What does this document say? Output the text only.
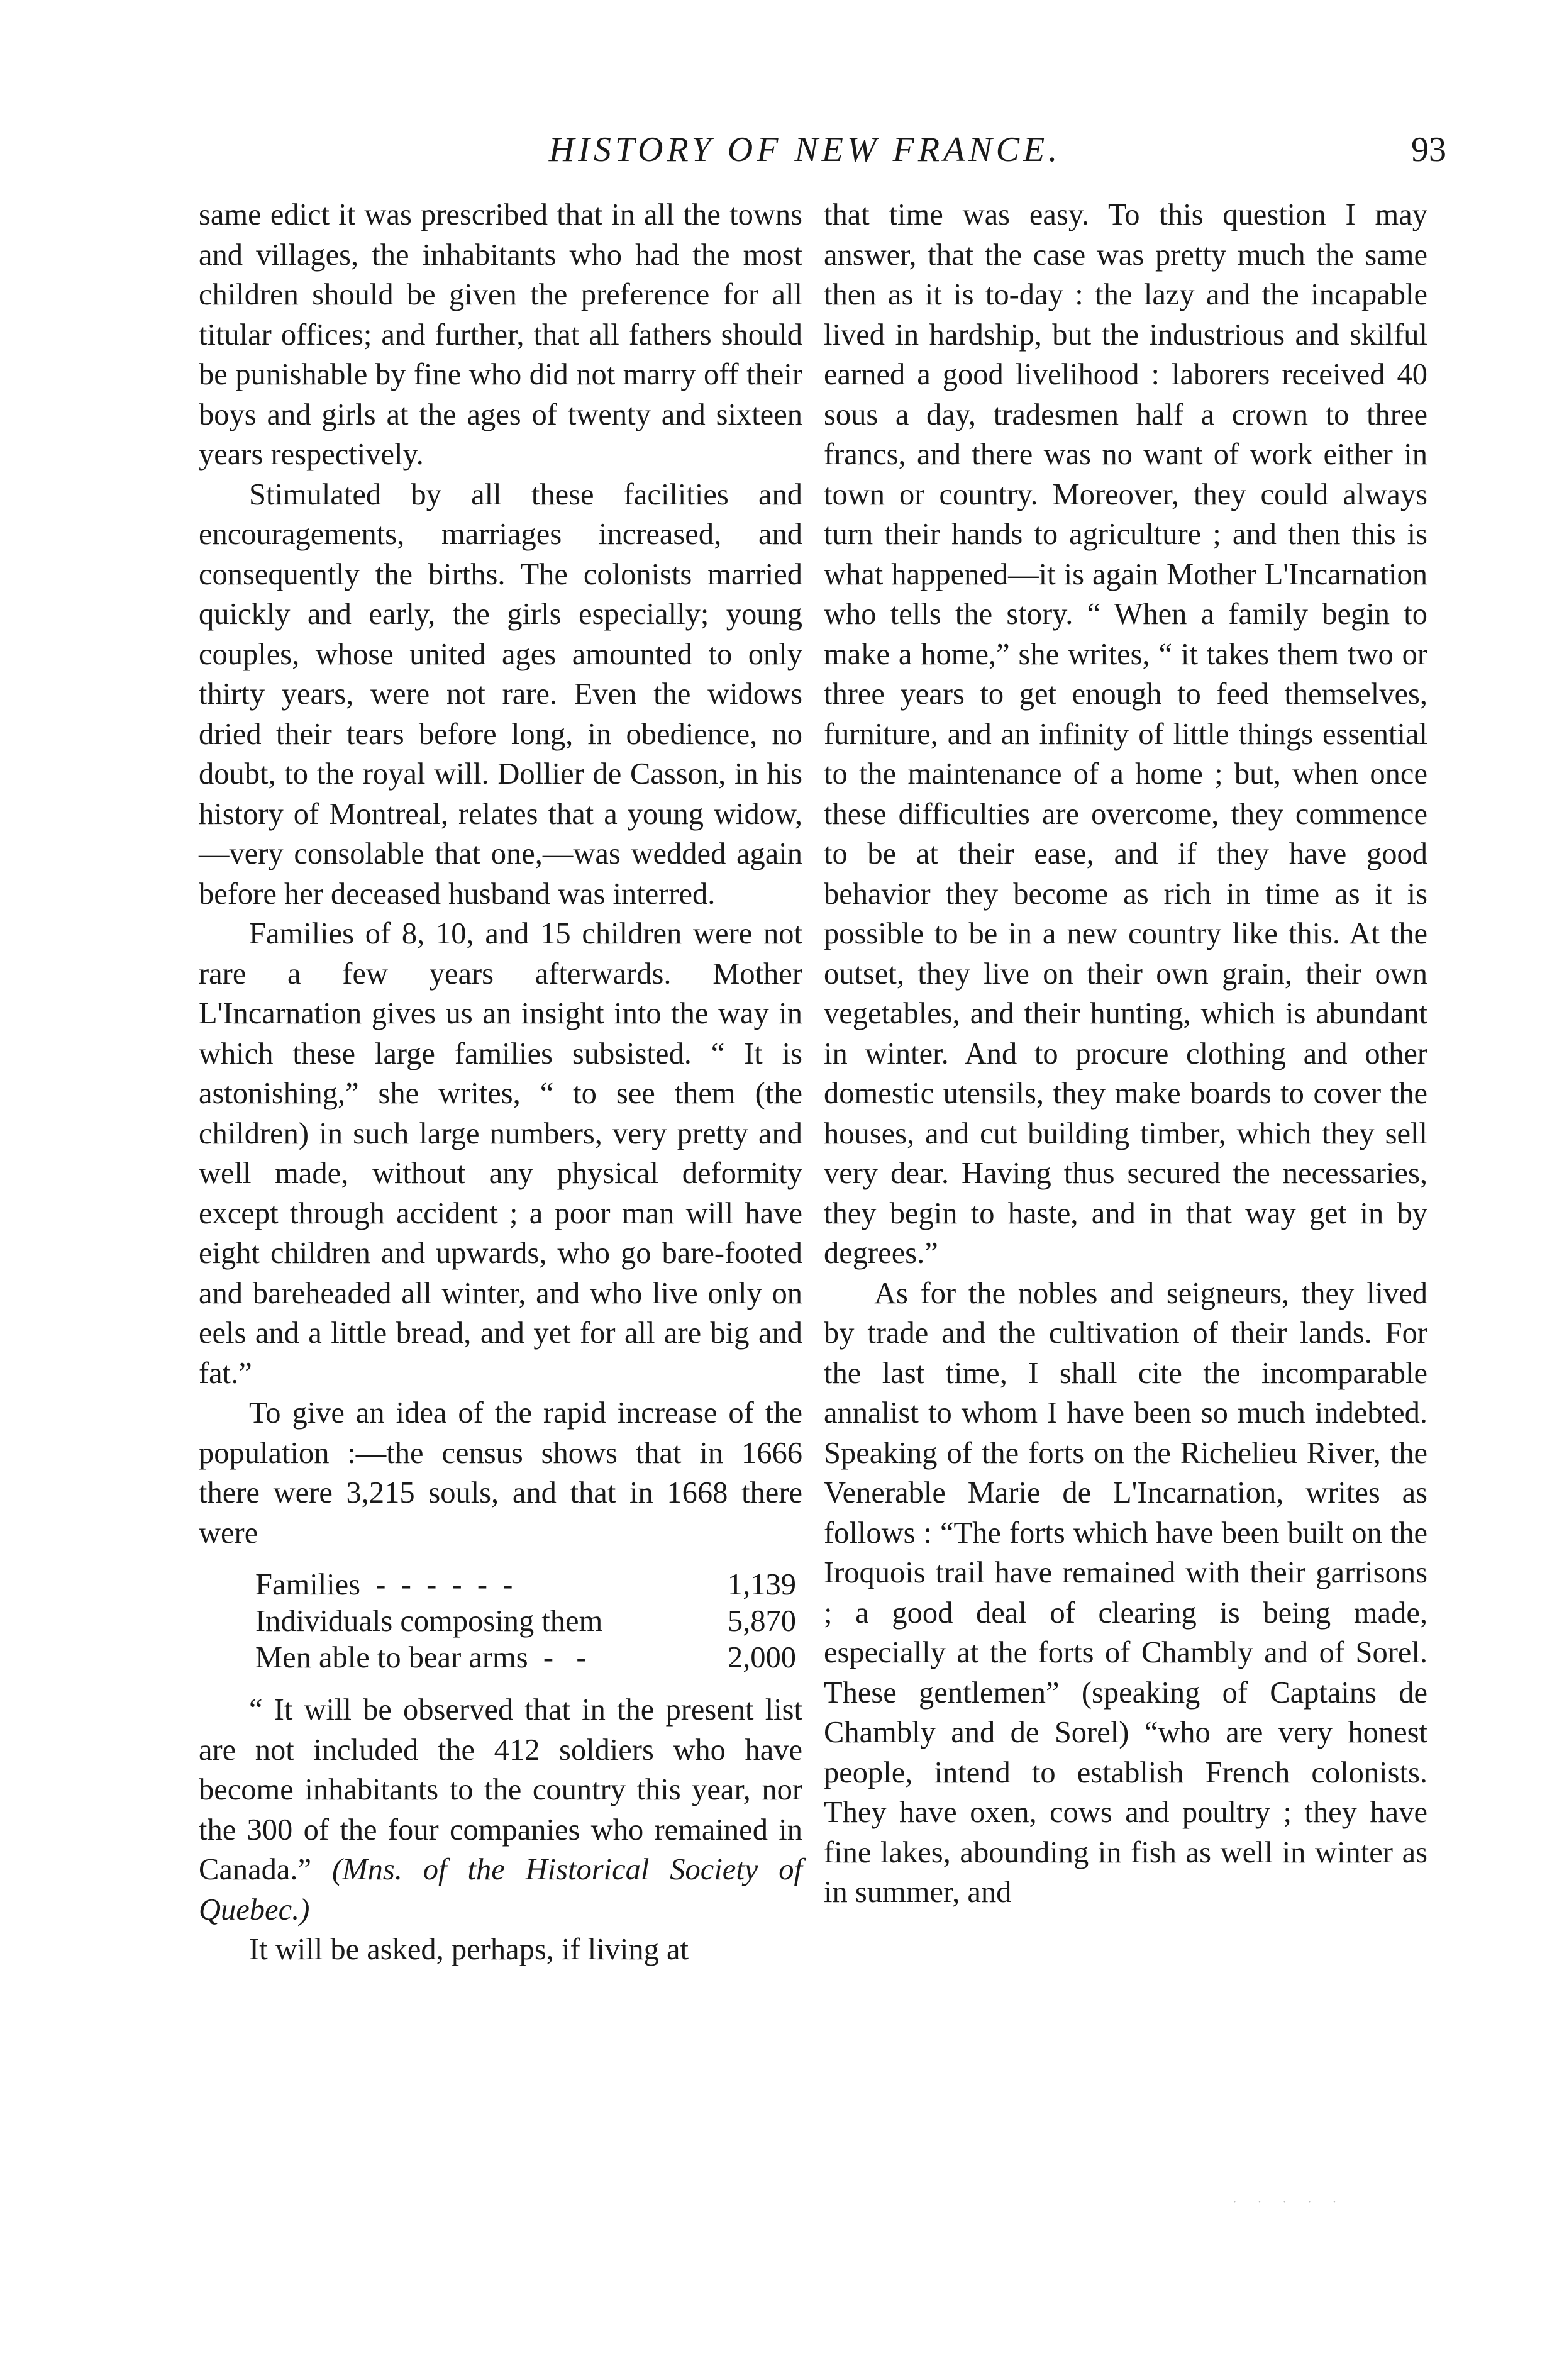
HISTORY OF NEW FRANCE.	93

same edict it was prescribed that in all the towns and villages, the inhabitants who had the most children should be given the preference for all titular offices; and further, that all fathers should be punishable by fine who did not marry off their boys and girls at the ages of twenty and sixteen years respectively.

Stimulated by all these facilities and encouragements, marriages increased, and consequently the births. The colonists married quickly and early, the girls especially; young couples, whose united ages amounted to only thirty years, were not rare. Even the widows dried their tears before long, in obedience, no doubt, to the royal will. Dollier de Casson, in his history of Montreal, relates that a young widow,—very consolable that one,—was wedded again before her deceased husband was interred.

Families of 8, 10, and 15 children were not rare a few years afterwards. Mother L'Incarnation gives us an insight into the way in which these large families subsisted. “ It is astonishing,” she writes, “ to see them (the children) in such large numbers, very pretty and well made, without any physical deformity except through accident ; a poor man will have eight children and upwards, who go bare-footed and bareheaded all winter, and who live only on eels and a little bread, and yet for all are big and fat.”

To give an idea of the rapid increase of the population :—the census shows that in 1666 there were 3,215 souls, and that in 1668 there were

Families  -  -  -  -  -  -	1,139
Individuals composing them	5,870
Men able to bear arms  -   -	2,000

“ It will be observed that in the present list are not included the 412 soldiers who have become inhabitants to the country this year, nor the 300 of the four companies who remained in Canada.” (Mns. of the Historical Society of Quebec.)

It will be asked, perhaps, if living at

that time was easy. To this question I may answer, that the case was pretty much the same then as it is to-day : the lazy and the incapable lived in hardship, but the industrious and skilful earned a good livelihood : laborers received 40 sous a day, tradesmen half a crown to three francs, and there was no want of work either in town or country. Moreover, they could always turn their hands to agriculture ; and then this is what happened—it is again Mother L'Incarnation who tells the story. “ When a family begin to make a home,” she writes, “ it takes them two or three years to get enough to feed themselves, furniture, and an infinity of little things essential to the maintenance of a home ; but, when once these difficulties are overcome, they commence to be at their ease, and if they have good behavior they become as rich in time as it is possible to be in a new country like this. At the outset, they live on their own grain, their own vegetables, and their hunting, which is abundant in winter. And to procure clothing and other domestic utensils, they make boards to cover the houses, and cut building timber, which they sell very dear. Having thus secured the necessaries, they begin to haste, and in that way get in by degrees.”

As for the nobles and seigneurs, they lived by trade and the cultivation of their lands. For the last time, I shall cite the incomparable annalist to whom I have been so much indebted. Speaking of the forts on the Richelieu River, the Venerable Marie de L'Incarnation, writes as follows : “The forts which have been built on the Iroquois trail have remained with their garrisons ; a good deal of clearing is being made, especially at the forts of Chambly and of Sorel. These gentlemen” (speaking of Captains de Chambly and de Sorel) “who are very honest people, intend to establish French colonists. They have oxen, cows and poultry ; they have fine lakes, abounding in fish as well in winter as in summer, and

· · · · ·
